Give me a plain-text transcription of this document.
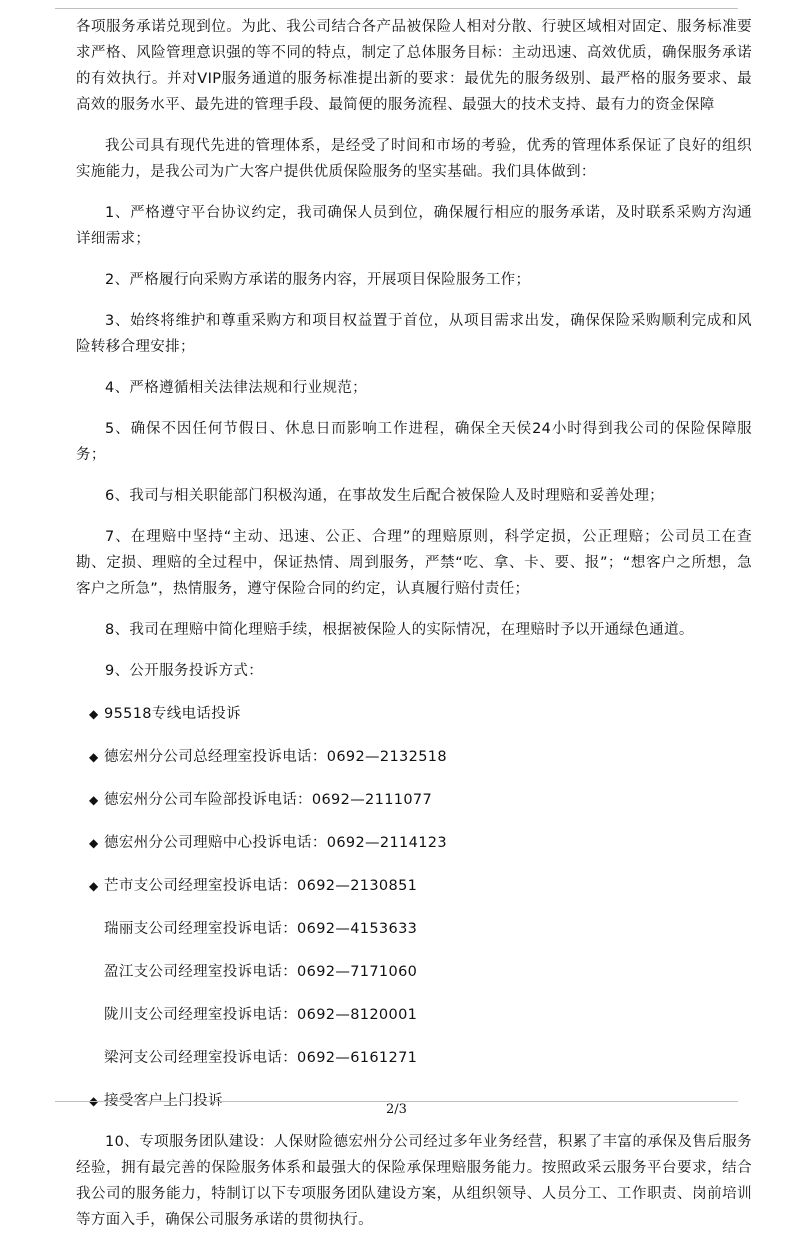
各项服务承诺兑现到位。为此、我公司结合各产品被保险人相对分散、行驶区域相对固定、服务标准要求严格、风险管理意识强的等不同的特点，制定了总体服务目标：主动迅速、高效优质，确保服务承诺的有效执行。并对VIP服务通道的服务标准提出新的要求：最优先的服务级别、最严格的服务要求、最高效的服务水平、最先进的管理手段、最简便的服务流程、最强大的技术支持、最有力的资金保障

我公司具有现代先进的管理体系，是经受了时间和市场的考验，优秀的管理体系保证了良好的组织实施能力，是我公司为广大客户提供优质保险服务的坚实基础。我们具体做到：

1、严格遵守平台协议约定，我司确保人员到位，确保履行相应的服务承诺，及时联系采购方沟通详细需求；

2、严格履行向采购方承诺的服务内容，开展项目保险服务工作；

3、始终将维护和尊重采购方和项目权益置于首位，从项目需求出发，确保保险采购顺利完成和风险转移合理安排；

4、严格遵循相关法律法规和行业规范；

5、确保不因任何节假日、休息日而影响工作进程，确保全天侯24小时得到我公司的保险保障服务；

6、我司与相关职能部门积极沟通，在事故发生后配合被保险人及时理赔和妥善处理；

7、在理赔中坚持“主动、迅速、公正、合理”的理赔原则，科学定损，公正理赔；公司员工在查勘、定损、理赔的全过程中，保证热情、周到服务，严禁“吃、拿、卡、要、报”；“想客户之所想，急客户之所急”，热情服务，遵守保险合同的约定，认真履行赔付责任；

8、我司在理赔中简化理赔手续，根据被保险人的实际情况，在理赔时予以开通绿色通道。

9、公开服务投诉方式：

◆ 95518专线电话投诉
◆ 德宏州分公司总经理室投诉电话：0692—2132518
◆ 德宏州分公司车险部投诉电话：0692—2111077
◆ 德宏州分公司理赔中心投诉电话：0692—2114123
◆ 芒市支公司经理室投诉电话：0692—2130851
瑞丽支公司经理室投诉电话：0692—4153633
盈江支公司经理室投诉电话：0692—7171060
陇川支公司经理室投诉电话：0692—8120001
梁河支公司经理室投诉电话：0692—6161271
◆ 接受客户上门投诉

10、专项服务团队建设：人保财险德宏州分公司经过多年业务经营，积累了丰富的承保及售后服务经验，拥有最完善的保险服务体系和最强大的保险承保理赔服务能力。按照政采云服务平台要求，结合我公司的服务能力，特制订以下专项服务团队建设方案，从组织领导、人员分工、工作职责、岗前培训等方面入手，确保公司服务承诺的贯彻执行。

2/3
